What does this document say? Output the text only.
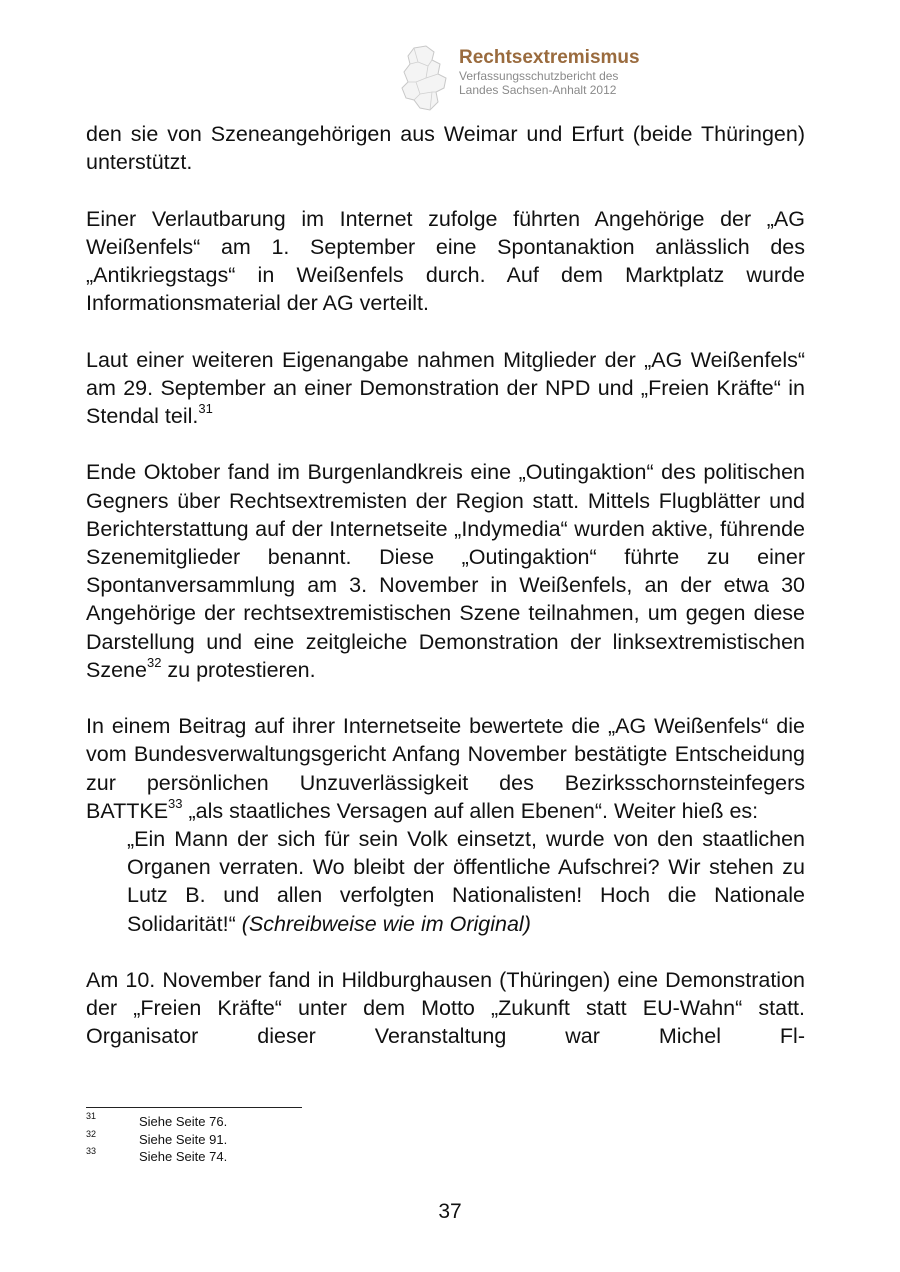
Rechtsextremismus
Verfassungsschutzbericht des
Landes Sachsen-Anhalt 2012

den sie von Szeneangehörigen aus Weimar und Erfurt (beide Thüringen) unterstützt.

Einer Verlautbarung im Internet zufolge führten Angehörige der „AG Weißenfels“ am 1. September eine Spontanaktion anlässlich des „Antikriegstags“ in Weißenfels durch. Auf dem Marktplatz wurde Informationsmaterial der AG verteilt.

Laut einer weiteren Eigenangabe nahmen Mitglieder der „AG Weißenfels“ am 29. September an einer Demonstration der NPD und „Freien Kräfte“ in Stendal teil.$^{31}$

Ende Oktober fand im Burgenlandkreis eine „Outingaktion“ des politischen Gegners über Rechtsextremisten der Region statt. Mittels Flugblätter und Berichterstattung auf der Internetseite „Indymedia“ wurden aktive, führende Szenemitglieder benannt. Diese „Outingaktion“ führte zu einer Spontanversammlung am 3. November in Weißenfels, an der etwa 30 Angehörige der rechtsextremistischen Szene teilnahmen, um gegen diese Darstellung und eine zeitgleiche Demonstration der linksextremistischen Szene$^{32}$ zu protestieren.

In einem Beitrag auf ihrer Internetseite bewertete die „AG Weißenfels“ die vom Bundesverwaltungsgericht Anfang November bestätigte Entscheidung zur persönlichen Unzuverlässigkeit des Bezirksschornsteinfegers BATTKE$^{33}$ „als staatliches Versagen auf allen Ebenen“. Weiter hieß es:

„Ein Mann der sich für sein Volk einsetzt, wurde von den staatlichen Organen verraten. Wo bleibt der öffentliche Aufschrei? Wir stehen zu Lutz B. und allen verfolgten Nationalisten! Hoch die Nationale Solidarität!“ (Schreibweise wie im Original)

Am 10. November fand in Hildburghausen (Thüringen) eine Demonstration der „Freien Kräfte“ unter dem Motto „Zukunft statt EU-Wahn“ statt. Organisator dieser Veranstaltung war Michel Fl-

31	Siehe Seite 76.
32	Siehe Seite 91.
33	Siehe Seite 74.
37
